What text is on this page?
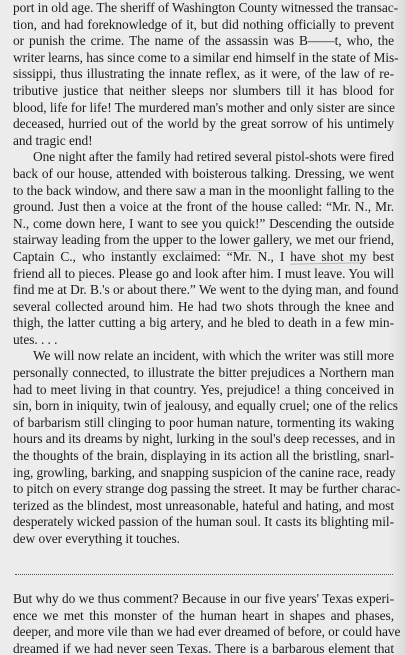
port in old age. The sheriff of Washington County witnessed the transac-
tion, and had foreknowledge of it, but did nothing officially to prevent
or punish the crime. The name of the assassin was B——t, who, the
writer learns, has since come to a similar end himself in the state of Mis-
sissippi, thus illustrating the innate reflex, as it were, of the law of re-
tributive justice that neither sleeps nor slumbers till it has blood for
blood, life for life! The murdered man's mother and only sister are since
deceased, hurried out of the world by the great sorrow of his untimely
and tragic end!
One night after the family had retired several pistol-shots were fired
back of our house, attended with boisterous talking. Dressing, we went
to the back window, and there saw a man in the moonlight falling to the
ground. Just then a voice at the front of the house called: “Mr. N., Mr.
N., come down here, I want to see you quick!” Descending the outside
stairway leading from the upper to the lower gallery, we met our friend,
Captain C., who instantly exclaimed: “Mr. N., I have shot my best
friend all to pieces. Please go and look after him. I must leave. You will
find me at Dr. B.'s or about there.” We went to the dying man, and found
several collected around him. He had two shots through the knee and
thigh, the latter cutting a big artery, and he bled to death in a few min-
utes. . . .
We will now relate an incident, with which the writer was still more
personally connected, to illustrate the bitter prejudices a Northern man
had to meet living in that country. Yes, prejudice! a thing conceived in
sin, born in iniquity, twin of jealousy, and equally cruel; one of the relics
of barbarism still clinging to poor human nature, tormenting its waking
hours and its dreams by night, lurking in the soul's deep recesses, and in
the thoughts of the brain, displaying in its action all the bristling, snarl-
ing, growling, barking, and snapping suspicion of the canine race, ready
to pitch on every strange dog passing the street. It may be further charac-
terized as the blindest, most unreasonable, hateful and hating, and most
desperately wicked passion of the human soul. It casts its blighting mil-
dew over everything it touches.
But why do we thus comment? Because in our five years' Texas experi-
ence we met this monster of the human heart in shapes and phases,
deeper, and more vile than we had ever dreamed of before, or could have
dreamed if we had never seen Texas. There is a barbarous element that
